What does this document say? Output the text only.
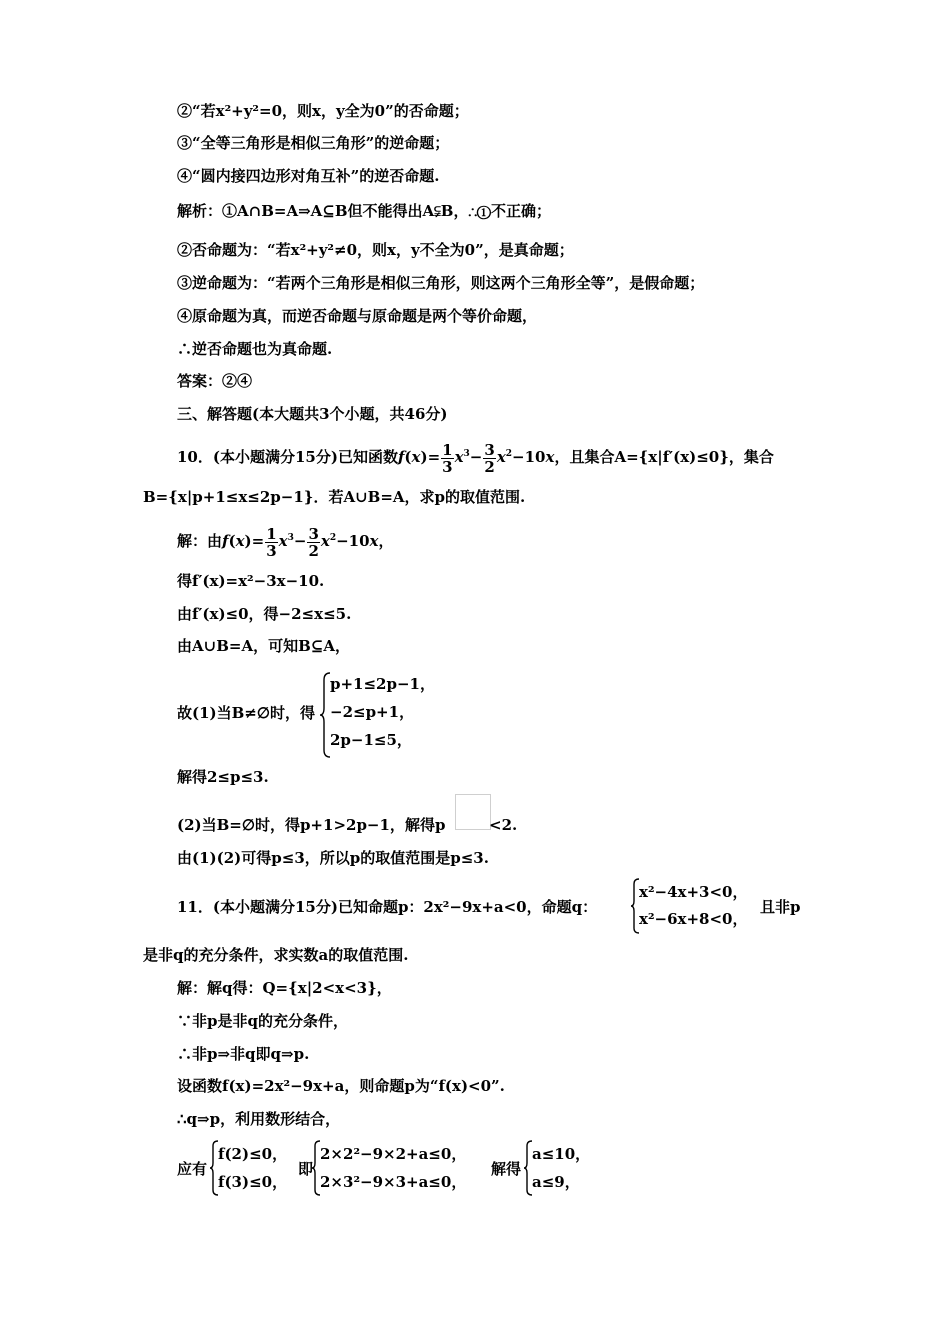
②“若x²+y²=0，则x，y全为0”的否命题；
③“全等三角形是相似三角形”的逆命题；
④“圆内接四边形对角互补”的逆否命题.
解析：①A∩B=A⇒A⊆B但不能得出A⫋B，∴①不正确；
②否命题为：“若x²+y²≠0，则x，y不全为0”，是真命题；
③逆命题为：“若两个三角形是相似三角形，则这两个三角形全等”，是假命题；
④原命题为真，而逆否命题与原命题是两个等价命题，
∴逆否命题也为真命题.
答案：②④
三、解答题(本大题共3个小题，共46分)
10．(本小题满分15分)已知函数$f(x)= \frac{1}{3} x^3- \frac{3}{2} x^2-10x$，且集合A={x|f′(x)≤0}，集合
B={x|p+1≤x≤2p−1}．若A∪B=A，求p的取值范围.
解：由$f(x)= \frac{1}{3} x^3- \frac{3}{2} x^2-10x$，
得f′(x)=x²−3x−10.
由f′(x)≤0，得−2≤x≤5.
由A∪B=A，可知B⊆A，
故(1)当B≠∅时，得
p+1≤2p−1，
−2≤p+1，
2p−1≤5，
解得2≤p≤3.
(2)当B=∅时，得p+1>2p−1，解得p	<2.
由(1)(2)可得p≤3，所以p的取值范围是p≤3.
11．(本小题满分15分)已知命题p：2x²−9x+a<0，命题q：
x²−4x+3<0，
x²−6x+8<0，
且非p
是非q的充分条件，求实数a的取值范围.
解：解q得：Q={x|2<x<3}，
∵非p是非q的充分条件，
∴非p⇒非q即q⇒p.
设函数f(x)=2x²−9x+a，则命题p为“f(x)<0”.
∴q⇒p，利用数形结合，
应有
f(2)≤0，
f(3)≤0，
即
2×2²−9×2+a≤0，
2×3²−9×3+a≤0，
解得
a≤10，
a≤9，
